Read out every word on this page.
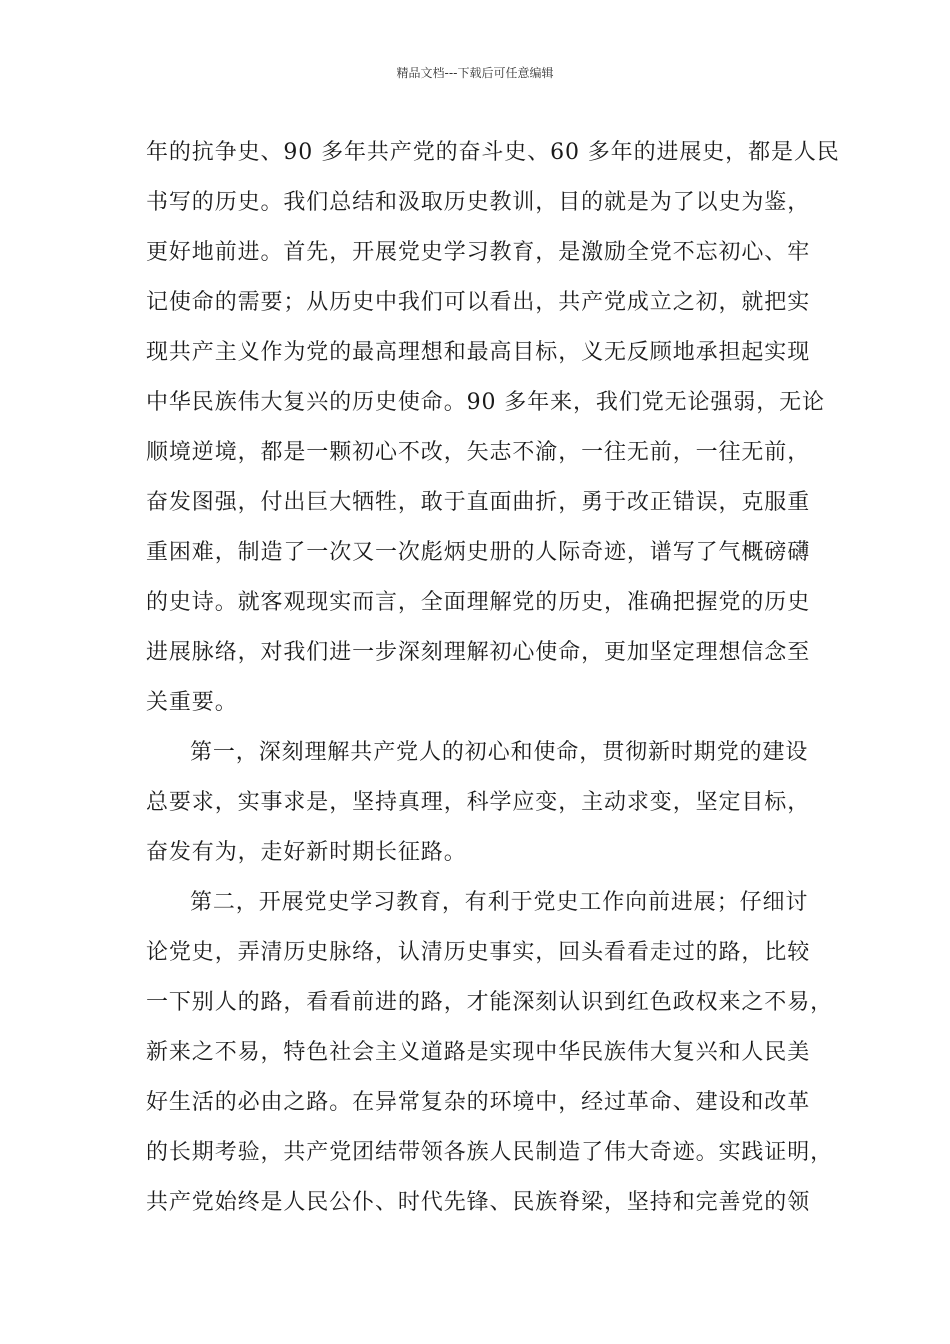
精品文档---下载后可任意编辑
年的抗争史、90 多年共产党的奋斗史、60 多年的进展史，都是人民
书写的历史。我们总结和汲取历史教训，目的就是为了以史为鉴，
更好地前进。首先，开展党史学习教育，是激励全党不忘初心、牢
记使命的需要；从历史中我们可以看出，共产党成立之初，就把实
现共产主义作为党的最高理想和最高目标，义无反顾地承担起实现
中华民族伟大复兴的历史使命。90 多年来，我们党无论强弱，无论
顺境逆境，都是一颗初心不改，矢志不渝，一往无前，一往无前，
奋发图强，付出巨大牺牲，敢于直面曲折，勇于改正错误，克服重
重困难，制造了一次又一次彪炳史册的人际奇迹，谱写了气概磅礴
的史诗。就客观现实而言，全面理解党的历史，准确把握党的历史
进展脉络，对我们进一步深刻理解初心使命，更加坚定理想信念至
关重要。
第一，深刻理解共产党人的初心和使命，贯彻新时期党的建设
总要求，实事求是，坚持真理，科学应变，主动求变，坚定目标，
奋发有为，走好新时期长征路。
第二，开展党史学习教育，有利于党史工作向前进展；仔细讨
论党史，弄清历史脉络，认清历史事实，回头看看走过的路，比较
一下别人的路，看看前进的路，才能深刻认识到红色政权来之不易，
新来之不易，特色社会主义道路是实现中华民族伟大复兴和人民美
好生活的必由之路。在异常复杂的环境中，经过革命、建设和改革
的长期考验，共产党团结带领各族人民制造了伟大奇迹。实践证明，
共产党始终是人民公仆、时代先锋、民族脊梁，坚持和完善党的领
